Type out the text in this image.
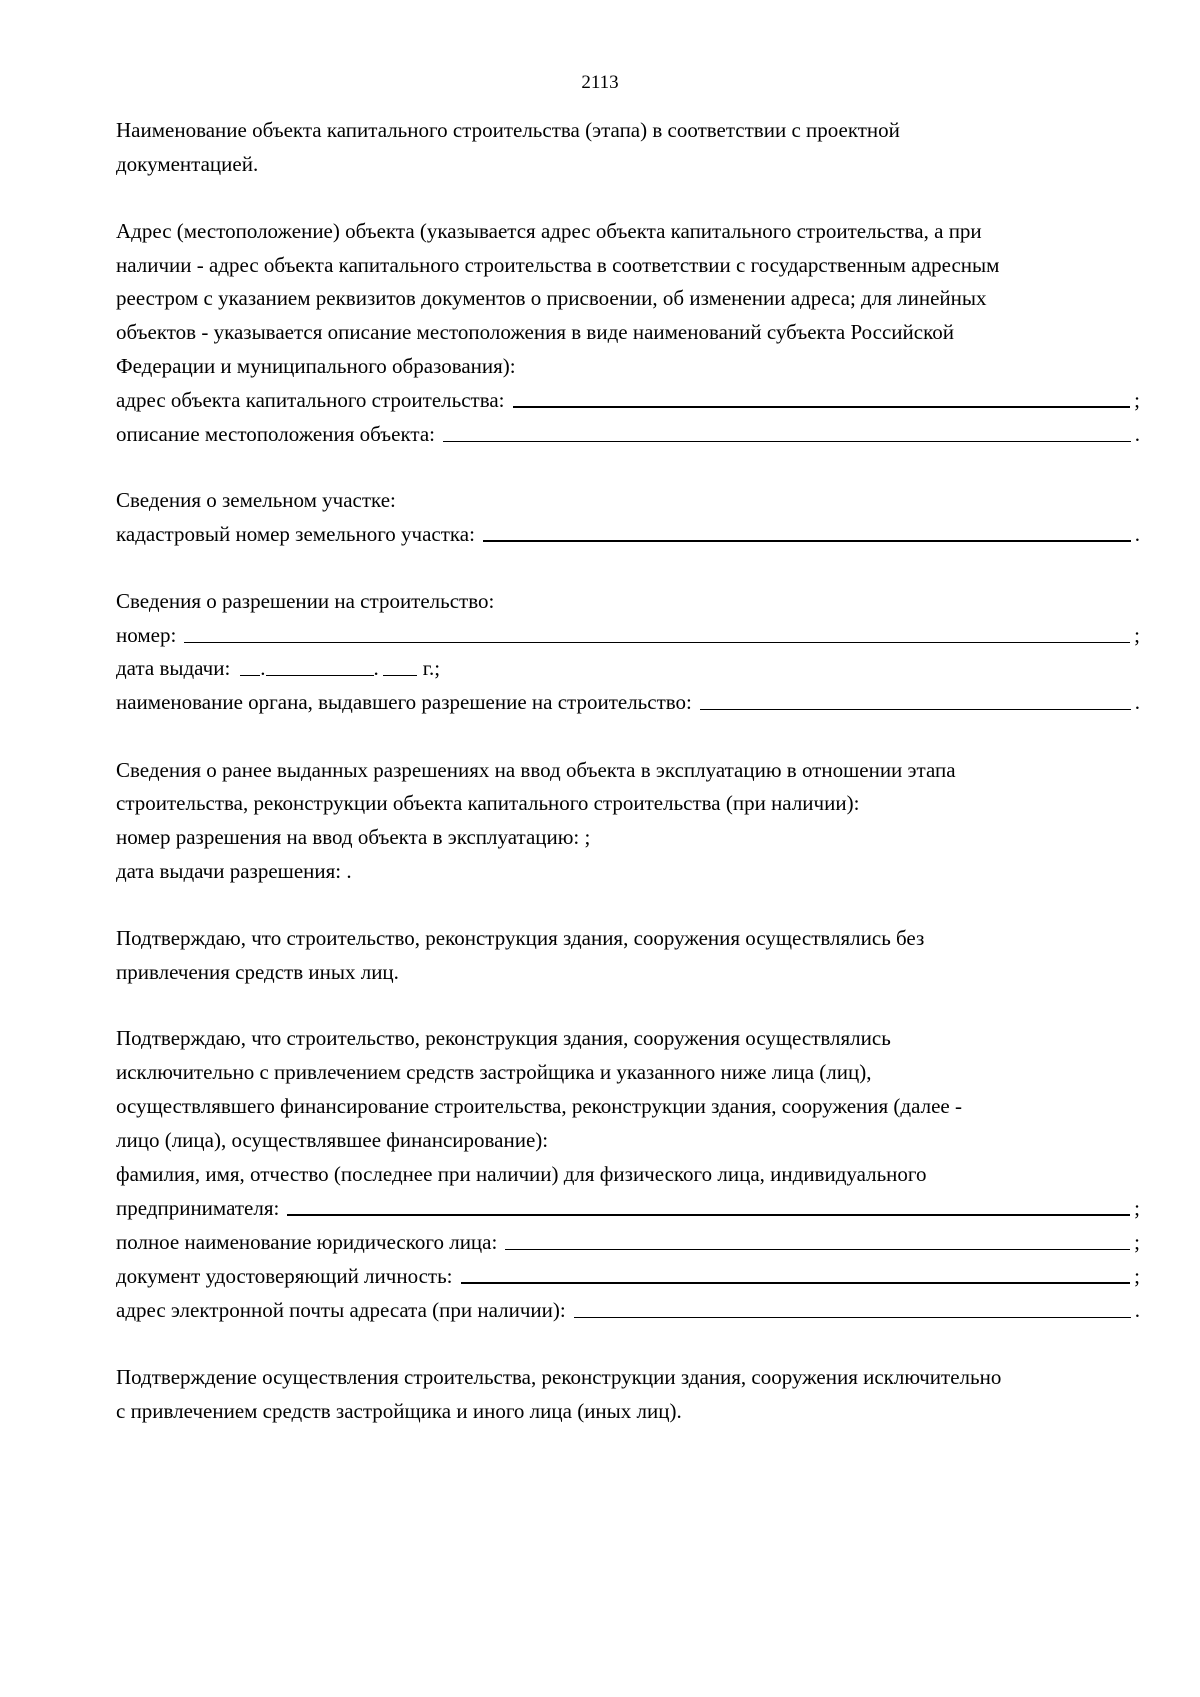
2113
Наименование объекта капитального строительства (этапа) в соответствии с проектной
документацией.
Адрес (местоположение) объекта (указывается адрес объекта капитального строительства, а при
наличии - адрес объекта капитального строительства в соответствии с государственным адресным
реестром с указанием реквизитов документов о присвоении, об изменении адреса; для линейных
объектов - указывается описание местоположения в виде наименований субъекта Российской
Федерации и муниципального образования):
адрес объекта капитального строительства:	;
описание местоположения объекта:	.
Сведения о земельном участке:
кадастровый номер земельного участка:	.
Сведения о разрешении на строительство:
номер:	;
дата выдачи: .	. г.;
наименование органа, выдавшего разрешение на строительство:	.
Сведения о ранее выданных разрешениях на ввод объекта в эксплуатацию в отношении этапа
строительства, реконструкции объекта капитального строительства (при наличии):
номер разрешения на ввод объекта в эксплуатацию: ;
дата выдачи разрешения: .
Подтверждаю, что строительство, реконструкция здания, сооружения осуществлялись без
привлечения средств иных лиц.
Подтверждаю, что строительство, реконструкция здания, сооружения осуществлялись
исключительно с привлечением средств застройщика и указанного ниже лица (лиц),
осуществлявшего финансирование строительства, реконструкции здания, сооружения (далее -
лицо (лица), осуществлявшее финансирование):
фамилия, имя, отчество (последнее при наличии) для физического лица, индивидуального
предпринимателя:	;
полное наименование юридического лица:	;
документ удостоверяющий личность:	;
адрес электронной почты адресата (при наличии):	.
Подтверждение осуществления строительства, реконструкции здания, сооружения исключительно
с привлечением средств застройщика и иного лица (иных лиц).
